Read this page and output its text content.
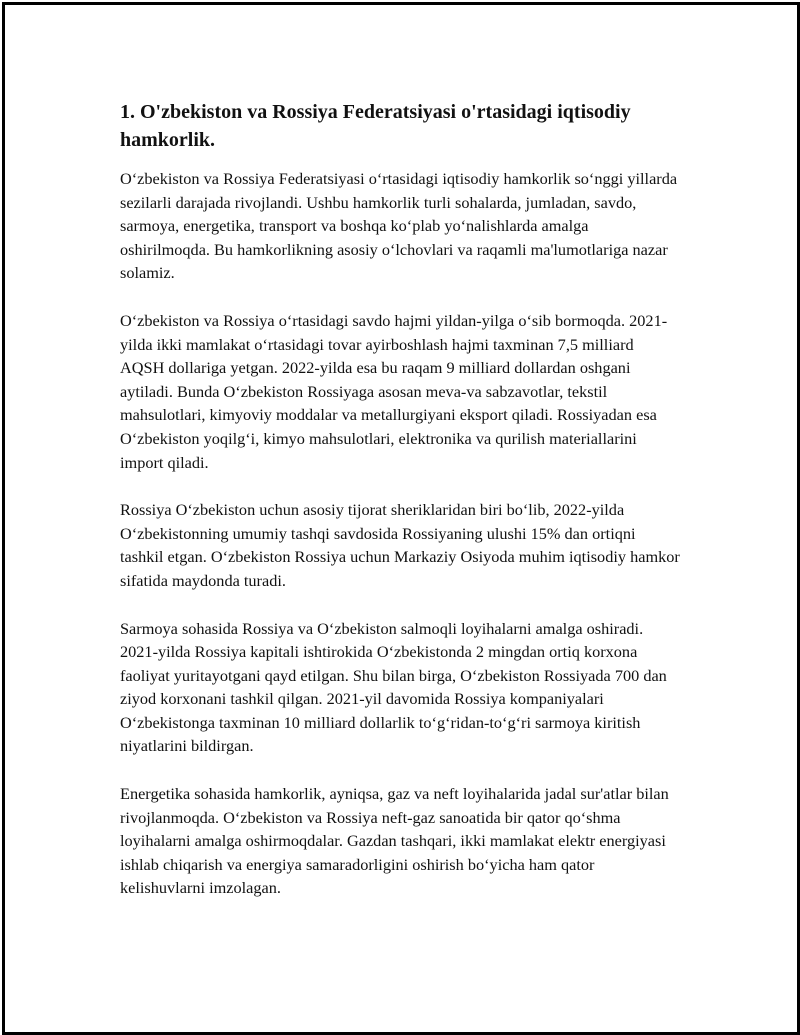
1. O'zbekiston va Rossiya Federatsiyasi o'rtasidagi iqtisodiy hamkorlik.

O‘zbekiston va Rossiya Federatsiyasi o‘rtasidagi iqtisodiy hamkorlik so‘nggi yillarda sezilarli darajada rivojlandi. Ushbu hamkorlik turli sohalarda, jumladan, savdo, sarmoya, energetika, transport va boshqa ko‘plab yo‘nalishlarda amalga oshirilmoqda. Bu hamkorlikning asosiy o‘lchovlari va raqamli ma'lumotlariga nazar solamiz.

O‘zbekiston va Rossiya o‘rtasidagi savdo hajmi yildan-yilga o‘sib bormoqda. 2021-yilda ikki mamlakat o‘rtasidagi tovar ayirboshlash hajmi taxminan 7,5 milliard AQSH dollariga yetgan. 2022-yilda esa bu raqam 9 milliard dollardan oshgani aytiladi. Bunda O‘zbekiston Rossiyaga asosan meva-va sabzavotlar, tekstil mahsulotlari, kimyoviy moddalar va metallurgiyani eksport qiladi. Rossiyadan esa O‘zbekiston yoqilg‘i, kimyo mahsulotlari, elektronika va qurilish materiallarini import qiladi.

Rossiya O‘zbekiston uchun asosiy tijorat sheriklaridan biri bo‘lib, 2022-yilda O‘zbekistonning umumiy tashqi savdosida Rossiyaning ulushi 15% dan ortiqni tashkil etgan. O‘zbekiston Rossiya uchun Markaziy Osiyoda muhim iqtisodiy hamkor sifatida maydonda turadi.

Sarmoya sohasida Rossiya va O‘zbekiston salmoqli loyihalarni amalga oshiradi. 2021-yilda Rossiya kapitali ishtirokida O‘zbekistonda 2 mingdan ortiq korxona faoliyat yuritayotgani qayd etilgan. Shu bilan birga, O‘zbekiston Rossiyada 700 dan ziyod korxonani tashkil qilgan. 2021-yil davomida Rossiya kompaniyalari O‘zbekistonga taxminan 10 milliard dollarlik to‘g‘ridan-to‘g‘ri sarmoya kiritish niyatlarini bildirgan.

Energetika sohasida hamkorlik, ayniqsa, gaz va neft loyihalarida jadal sur'atlar bilan rivojlanmoqda. O‘zbekiston va Rossiya neft-gaz sanoatida bir qator qo‘shma loyihalarni amalga oshirmoqdalar. Gazdan tashqari, ikki mamlakat elektr energiyasi ishlab chiqarish va energiya samaradorligini oshirish bo‘yicha ham qator kelishuvlarni imzolagan.
